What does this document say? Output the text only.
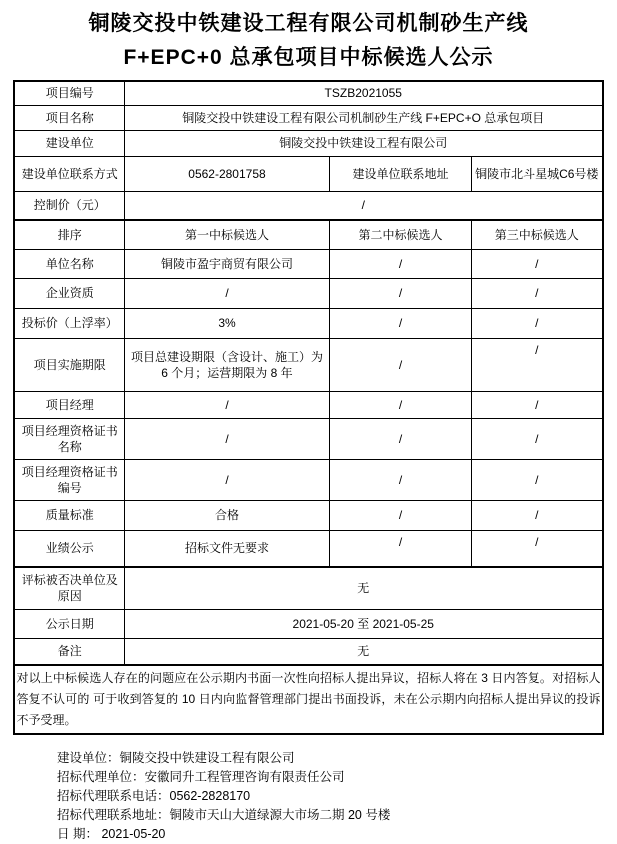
铜陵交投中铁建设工程有限公司机制砂生产线
F+EPC+0 总承包项目中标候选人公示
项目编号	TSZB2021055		
项目名称	铜陵交投中铁建设工程有限公司机制砂生产线 F+EPC+O 总承包项目		
建设单位	铜陵交投中铁建设工程有限公司		
建设单位联系方式	0562-2801758	建设单位联系地址	铜陵市北斗星城C6号楼
控制价（元）	/		
排序	第一中标候选人	第二中标候选人	第三中标候选人
单位名称	铜陵市盈宇商贸有限公司	/	/
企业资质	/	/	/
投标价（上浮率）	3%	/	/
项目实施期限	项目总建设期限（含设计、施工）为 6 个月；运营期限为 8 年	/	/
项目经理	/	/	/
项目经理资格证书名称	/	/	/
项目经理资格证书编号	/	/	/
质量标准	合格	/	/
业绩公示	招标文件无要求	/	/
评标被否决单位及原因	无		
公示日期	2021-05-20 至 2021-05-25		
备注	无		
对以上中标候选人存在的问题应在公示期内书面一次性向招标人提出异议，招标人将在 3 日内答复。对招标人答复不认可的 可于收到答复的 10 日内向监督管理部门提出书面投诉，未在公示期内向招标人提出异议的投诉不予受理。			
建设单位：铜陵交投中铁建设工程有限公司
招标代理单位：安徽同升工程管理咨询有限责任公司
招标代理联系电话：0562-2828170
招标代理联系地址：铜陵市天山大道绿源大市场二期 20 号楼
日 期： 2021-05-20
